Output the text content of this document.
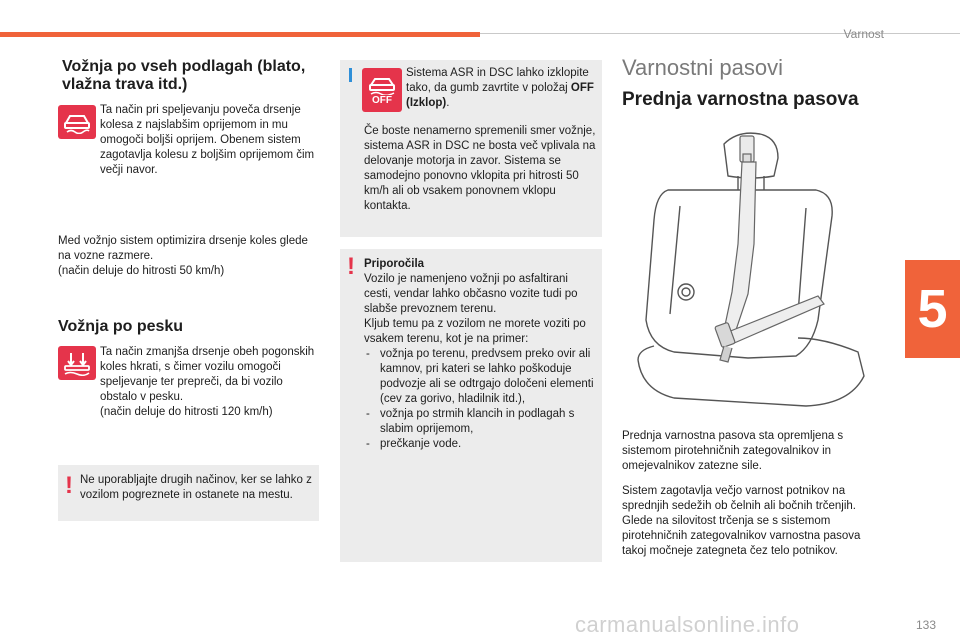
Varnost
5
Vožnja po vseh podlagah (blato, vlažna trava itd.)
Ta način pri speljevanju poveča drsenje kolesa z najslabšim oprijemom in mu omogoči boljši oprijem. Obenem sistem zagotavlja kolesu z boljšim oprijemom čim večji navor.
Med vožnjo sistem optimizira drsenje koles glede na vozne razmere.
(način deluje do hitrosti 50 km/h)
Vožnja po pesku
Ta način zmanjša drsenje obeh pogonskih koles hkrati, s čimer vozilu omogoči speljevanje ter prepreči, da bi vozilo obstalo v pesku.
(način deluje do hitrosti 120 km/h)
! Ne uporabljajte drugih načinov, ker se lahko z vozilom pogreznete in ostanete na mestu.
OFF
Sistema ASR in DSC lahko izklopite tako, da gumb zavrtite v položaj OFF (Izklop).
Če boste nenamerno spremenili smer vožnje, sistema ASR in DSC ne bosta več vplivala na delovanje motorja in zavor. Sistema se samodejno ponovno vklopita pri hitrosti 50 km/h ali ob vsakem ponovnem vklopu kontakta.
! Priporočila
Vozilo je namenjeno vožnji po asfaltirani cesti, vendar lahko občasno vozite tudi po slabše prevoznem terenu.
Kljub temu pa z vozilom ne morete voziti po vsakem terenu, kot je na primer:
- vožnja po terenu, predvsem preko ovir ali kamnov, pri kateri se lahko poškoduje podvozje ali se odtrgajo določeni elementi (cev za gorivo, hladilnik itd.),
- vožnja po strmih klancih in podlagah s slabim oprijemom,
- prečkanje vode.
Varnostni pasovi
Prednja varnostna pasova
Prednja varnostna pasova sta opremljena s sistemom pirotehničnih zategovalnikov in omejevalnikov zatezne sile.
Sistem zagotavlja večjo varnost potnikov na sprednjih sedežih ob čelnih ali bočnih trčenjih. Glede na silovitost trčenja se s sistemom pirotehničnih zategovalnikov varnostna pasova takoj močneje zategneta čez telo potnikov.
133
carmanualsonline.info
